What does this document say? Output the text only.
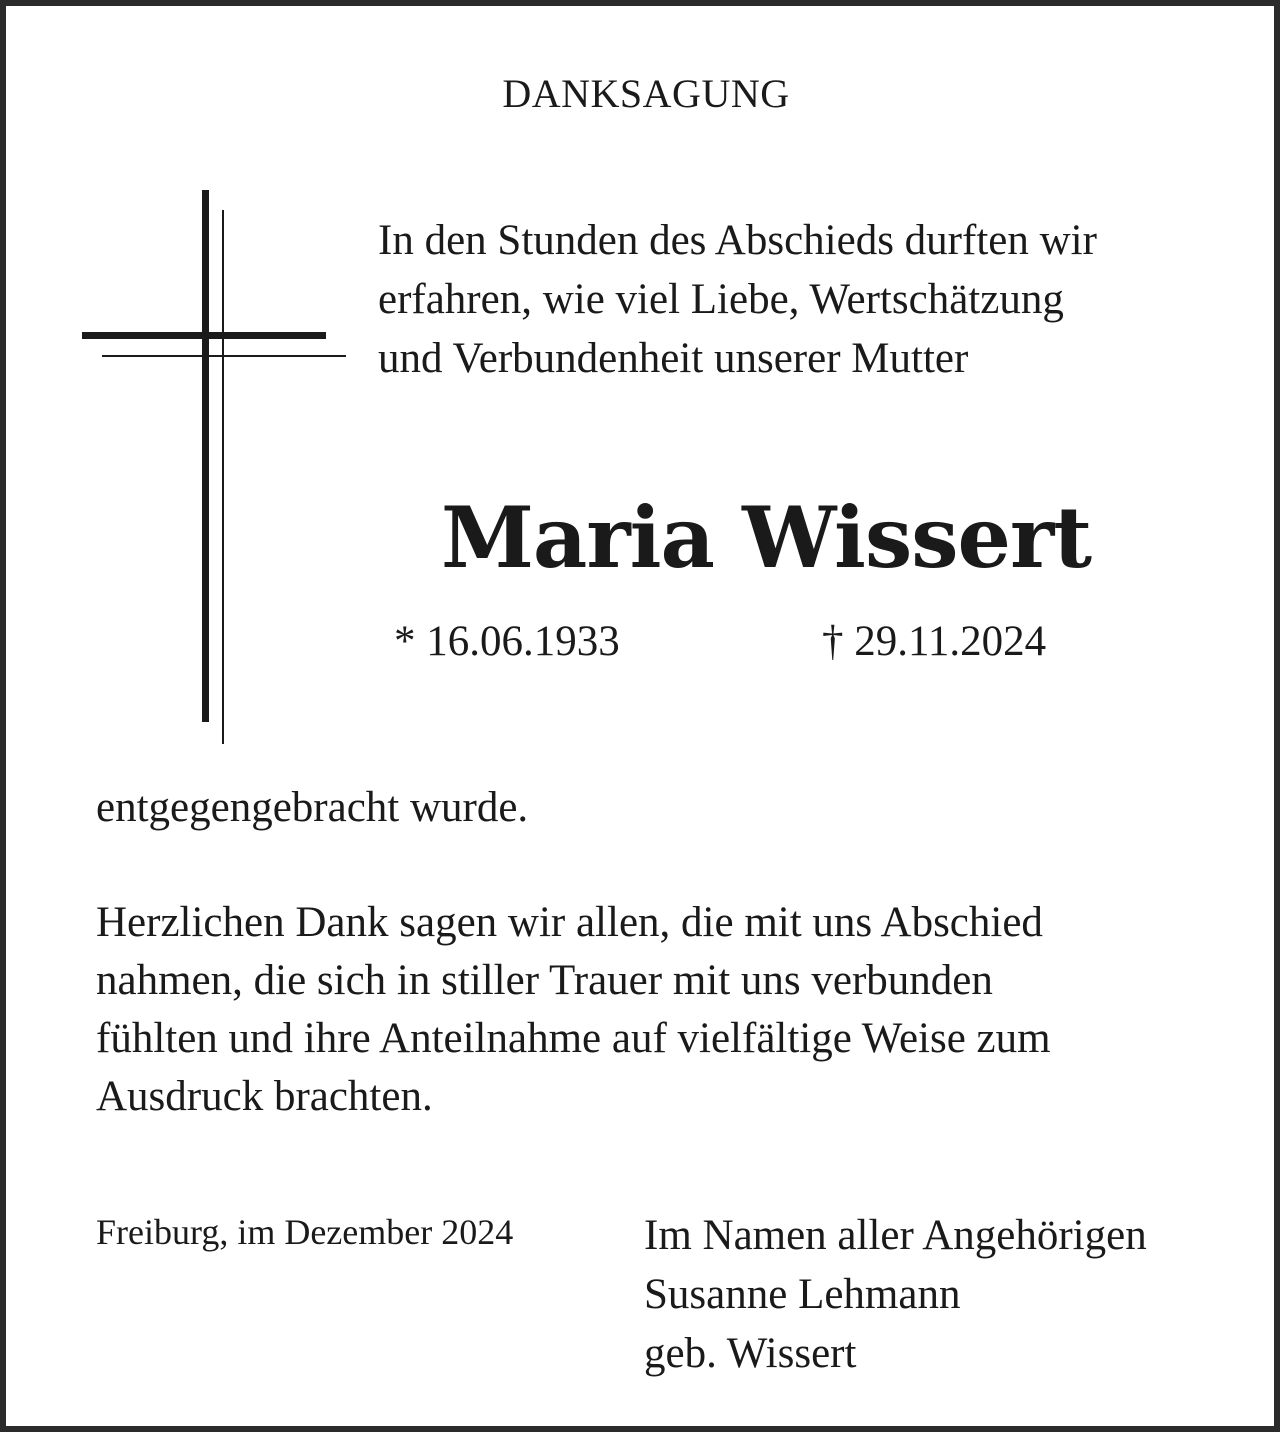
DANKSAGUNG
In den Stunden des Abschieds durften wir
erfahren, wie viel Liebe, Wertschätzung
und Verbundenheit unserer Mutter
Maria Wissert
* 16.06.1933	† 29.11.2024
entgegengebracht wurde.
Herzlichen Dank sagen wir allen, die mit uns Abschied
nahmen, die sich in stiller Trauer mit uns verbunden
fühlten und ihre Anteilnahme auf vielfältige Weise zum
Ausdruck brachten.
Freiburg, im Dezember 2024	Im Namen aller Angehörigen
Susanne Lehmann
geb. Wissert
